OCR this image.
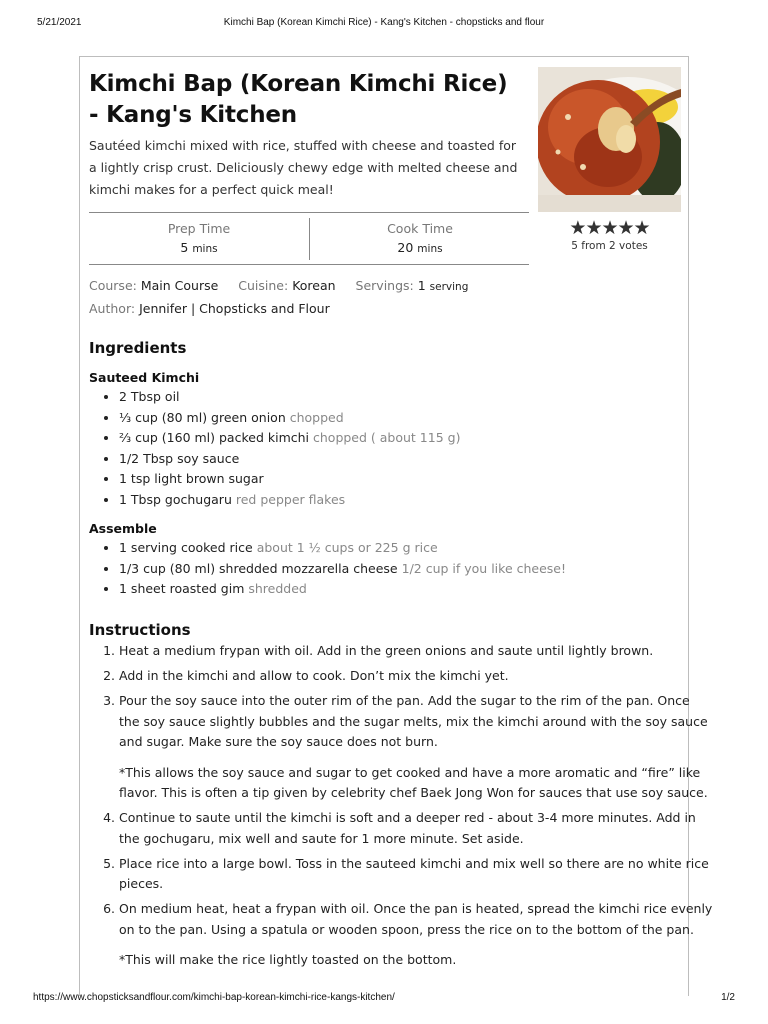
5/21/2021	Kimchi Bap (Korean Kimchi Rice) - Kang's Kitchen - chopsticks and flour
Kimchi Bap (Korean Kimchi Rice) - Kang's Kitchen

Sautéed kimchi mixed with rice, stuffed with cheese and toasted for a lightly crisp crust. Deliciously chewy edge with melted cheese and kimchi makes for a perfect quick meal!

★★★★★
5 from 2 votes
Prep Time
5 mins
Cook Time
20 mins
Course: Main Course Cuisine: Korean Servings: 1 serving
Author: Jennifer | Chopsticks and Flour
Ingredients
Sauteed Kimchi
• 2 Tbsp oil
• ⅓ cup (80 ml) green onion chopped
• ⅔ cup (160 ml) packed kimchi chopped ( about 115 g)
• 1/2 Tbsp soy sauce
• 1 tsp light brown sugar
• 1 Tbsp gochugaru red pepper flakes
Assemble
• 1 serving cooked rice about 1 ½ cups or 225 g rice
• 1/3 cup (80 ml) shredded mozzarella cheese 1/2 cup if you like cheese!
• 1 sheet roasted gim shredded
Instructions
1. Heat a medium frypan with oil. Add in the green onions and saute until lightly brown.
2. Add in the kimchi and allow to cook. Don’t mix the kimchi yet.
3. Pour the soy sauce into the outer rim of the pan. Add the sugar to the rim of the pan. Once the soy sauce slightly bubbles and the sugar melts, mix the kimchi around with the soy sauce and sugar. Make sure the soy sauce does not burn.
*This allows the soy sauce and sugar to get cooked and have a more aromatic and “fire” like flavor. This is often a tip given by celebrity chef Baek Jong Won for sauces that use soy sauce.
4. Continue to saute until the kimchi is soft and a deeper red - about 3-4 more minutes. Add in the gochugaru, mix well and saute for 1 more minute. Set aside.
5. Place rice into a large bowl. Toss in the sauteed kimchi and mix well so there are no white rice pieces.
6. On medium heat, heat a frypan with oil. Once the pan is heated, spread the kimchi rice evenly on to the pan. Using a spatula or wooden spoon, press the rice on to the bottom of the pan.
*This will make the rice lightly toasted on the bottom.
https://www.chopsticksandflour.com/kimchi-bap-korean-kimchi-rice-kangs-kitchen/	1/2
